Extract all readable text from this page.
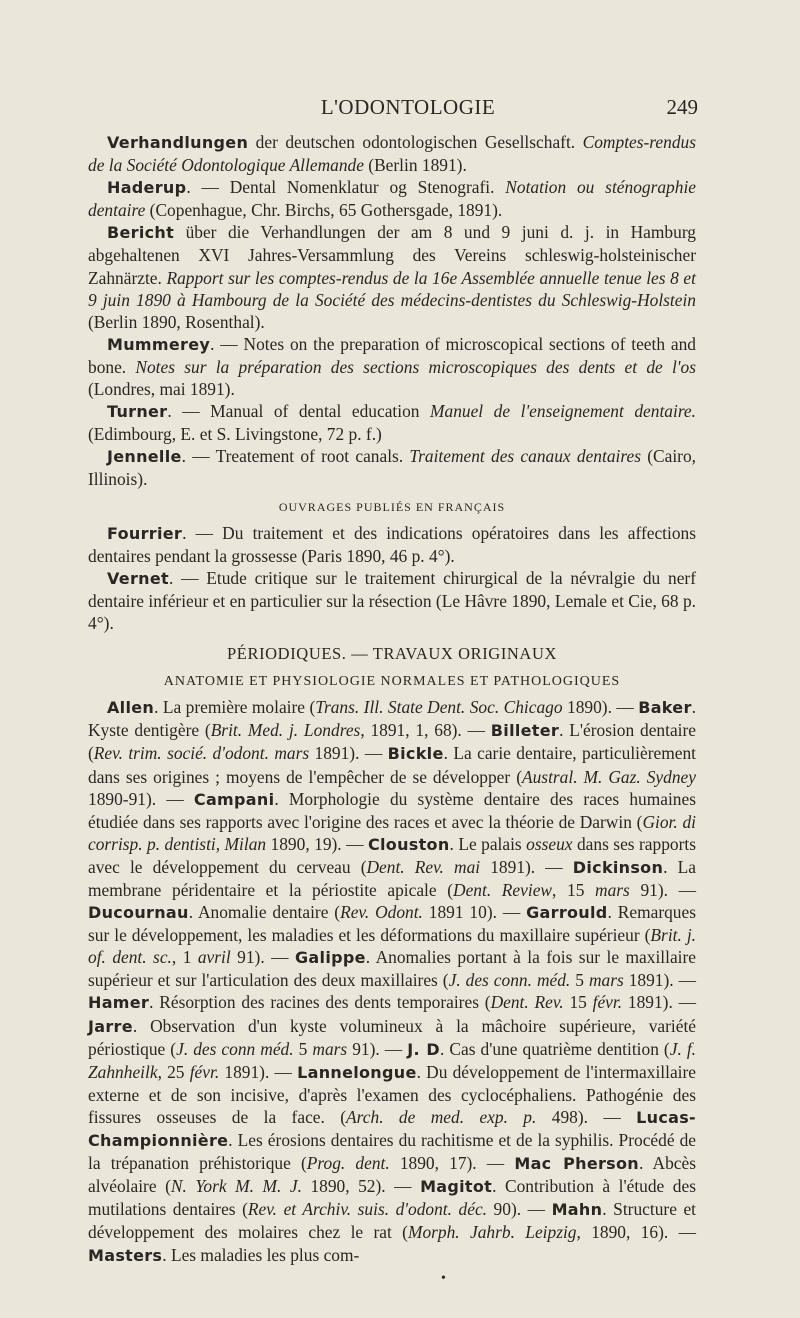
L'ODONTOLOGIE	249

Verhandlungen der deutschen odontologischen Gesellschaft. Comptes-rendus de la Société Odontologique Allemande (Berlin 1891).

Haderup. — Dental Nomenklatur og Stenografi. Notation ou sténographie dentaire (Copenhague, Chr. Birchs, 65 Gothersgade, 1891).

Bericht über die Verhandlungen der am 8 und 9 juni d. j. in Hamburg abgehaltenen XVI Jahres-Versammlung des Vereins schleswig-holsteinischer Zahnärzte. Rapport sur les comptes-rendus de la 16e Assemblée annuelle tenue les 8 et 9 juin 1890 à Hambourg de la Société des médecins-dentistes du Schleswig-Holstein (Berlin 1890, Rosenthal).

Mummerey. — Notes on the preparation of microscopical sections of teeth and bone. Notes sur la préparation des sections microscopiques des dents et de l'os (Londres, mai 1891).

Turner. — Manual of dental education Manuel de l'enseignement dentaire. (Edimbourg, E. et S. Livingstone, 72 p. f.)

Jennelle. — Treatement of root canals. Traitement des canaux dentaires (Cairo, Illinois).

OUVRAGES PUBLIÉS EN FRANÇAIS

Fourrier. — Du traitement et des indications opératoires dans les affections dentaires pendant la grossesse (Paris 1890, 46 p. 4°).

Vernet. — Etude critique sur le traitement chirurgical de la névralgie du nerf dentaire inférieur et en particulier sur la résection (Le Hâvre 1890, Lemale et Cie, 68 p. 4°).

PÉRIODIQUES. — TRAVAUX ORIGINAUX
ANATOMIE ET PHYSIOLOGIE NORMALES ET PATHOLOGIQUES

Allen. La première molaire (Trans. Ill. State Dent. Soc. Chicago 1890). — Baker. Kyste dentigère (Brit. Med. j. Londres, 1891, 1, 68). — Billeter. L'érosion dentaire (Rev. trim. socié. d'odont. mars 1891). — Bickle. La carie dentaire, particulièrement dans ses origines ; moyens de l'empêcher de se développer (Austral. M. Gaz. Sydney 1890-91). — Campani. Morphologie du système dentaire des races humaines étudiée dans ses rapports avec l'origine des races et avec la théorie de Darwin (Gior. di corrisp. p. dentisti, Milan 1890, 19). — Clouston. Le palais osseux dans ses rapports avec le développement du cerveau (Dent. Rev. mai 1891). — Dickinson. La membrane péridentaire et la périostite apicale (Dent. Review, 15 mars 91). — Ducournau. Anomalie dentaire (Rev. Odont. 1891 10). — Garrould. Remarques sur le développement, les maladies et les déformations du maxillaire supérieur (Brit. j. of. dent. sc., 1 avril 91). — Galippe. Anomalies portant à la fois sur le maxillaire supérieur et sur l'articulation des deux maxillaires (J. des conn. méd. 5 mars 1891). — Hamer. Résorption des racines des dents temporaires (Dent. Rev. 15 févr. 1891). — Jarre. Observation d'un kyste volumineux à la mâchoire supérieure, variété périostique (J. des conn méd. 5 mars 91). — J. D. Cas d'une quatrième dentition (J. f. Zahnheilk, 25 févr. 1891). — Lannelongue. Du développement de l'intermaxillaire externe et de son incisive, d'après l'examen des cyclocéphaliens. Pathogénie des fissures osseuses de la face. (Arch. de med. exp. p. 498). — Lucas-Championnière. Les érosions dentaires du rachitisme et de la syphilis. Procédé de la trépanation préhistorique (Prog. dent. 1890, 17). — Mac Pherson. Abcès alvéolaire (N. York M. M. J. 1890, 52). — Magitot. Contribution à l'étude des mutilations dentaires (Rev. et Archiv. suis. d'odont. déc. 90). — Mahn. Structure et développement des molaires chez le rat (Morph. Jahrb. Leipzig, 1890, 16). — Masters. Les maladies les plus com-

•
